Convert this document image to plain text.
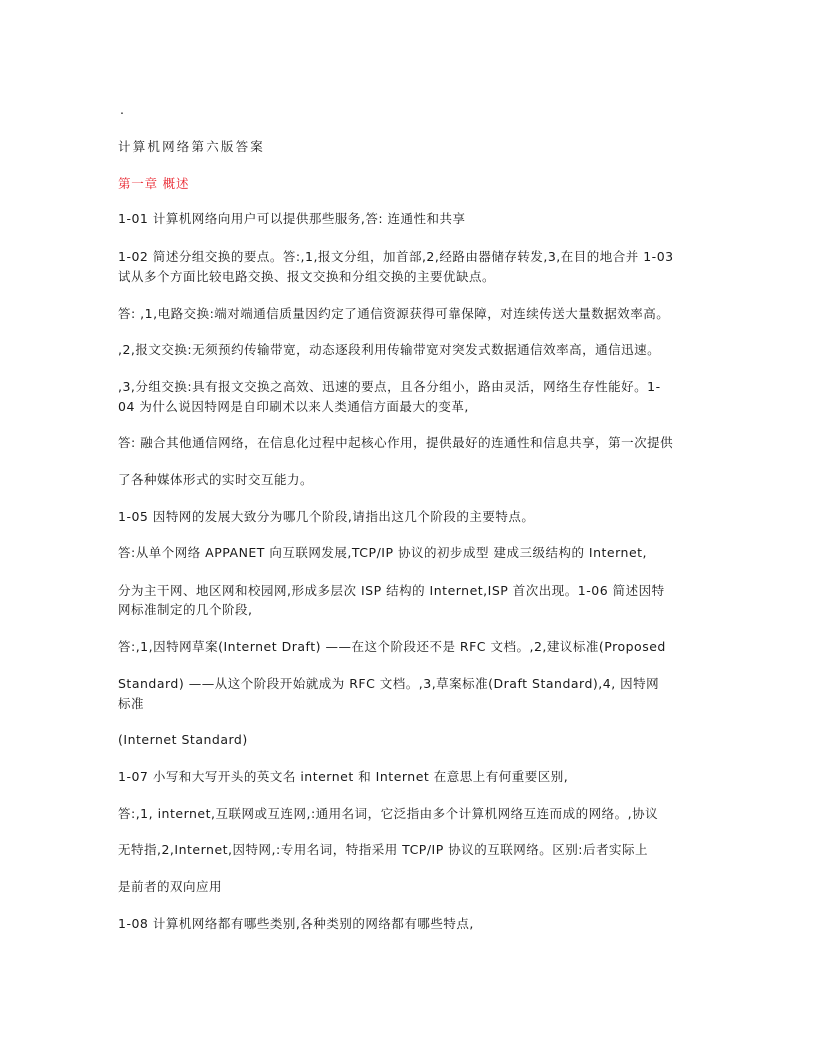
.
计算机网络第六版答案
第一章 概述
1-01 计算机网络向用户可以提供那些服务,答: 连通性和共享
1-02 简述分组交换的要点。答:,1,报文分组，加首部,2,经路由器储存转发,3,在目的地合并 1-03
试从多个方面比较电路交换、报文交换和分组交换的主要优缺点。
答: ,1,电路交换:端对端通信质量因约定了通信资源获得可靠保障，对连续传送大量数据效率高。
,2,报文交换:无须预约传输带宽，动态逐段利用传输带宽对突发式数据通信效率高，通信迅速。
,3,分组交换:具有报文交换之高效、迅速的要点，且各分组小，路由灵活，网络生存性能好。1-
04 为什么说因特网是自印刷术以来人类通信方面最大的变革,
答: 融合其他通信网络，在信息化过程中起核心作用，提供最好的连通性和信息共享，第一次提供
了各种媒体形式的实时交互能力。
1-05 因特网的发展大致分为哪几个阶段,请指出这几个阶段的主要特点。
答:从单个网络 APPANET 向互联网发展,TCP/IP 协议的初步成型 建成三级结构的 Internet,
分为主干网、地区网和校园网,形成多层次 ISP 结构的 Internet,ISP 首次出现。1-06 简述因特
网标准制定的几个阶段,
答:,1,因特网草案(Internet Draft) ——在这个阶段还不是 RFC 文档。,2,建议标准(Proposed
Standard) ——从这个阶段开始就成为 RFC 文档。,3,草案标准(Draft Standard),4, 因特网
标准
(Internet Standard)
1-07 小写和大写开头的英文名 internet 和 Internet 在意思上有何重要区别,
答:,1, internet,互联网或互连网,:通用名词，它泛指由多个计算机网络互连而成的网络。,协议
无特指,2,Internet,因特网,:专用名词，特指采用 TCP/IP 协议的互联网络。区别:后者实际上
是前者的双向应用
1-08 计算机网络都有哪些类别,各种类别的网络都有哪些特点,
